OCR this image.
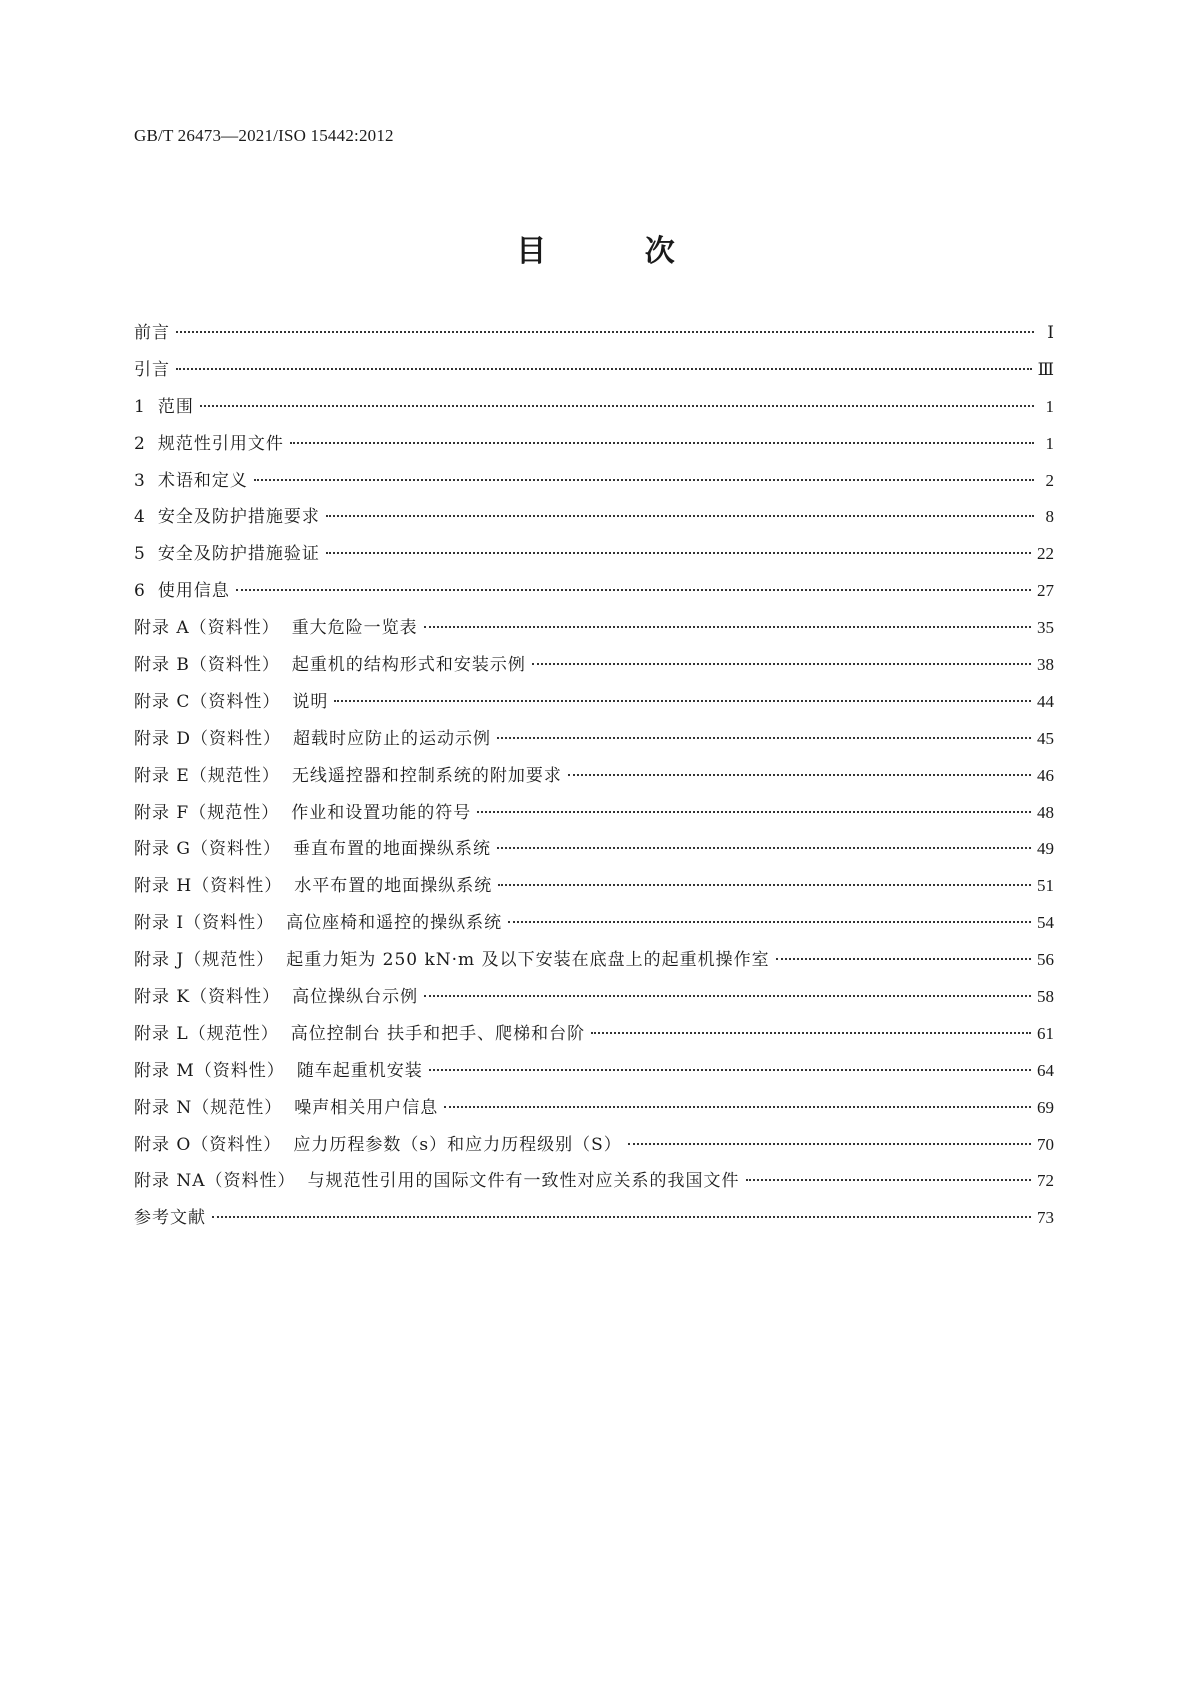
GB/T 26473—2021/ISO 15442:2012
目 次
前言	Ⅰ
引言	Ⅲ
1 范围	1
2 规范性引用文件	1
3 术语和定义	2
4 安全及防护措施要求	8
5 安全及防护措施验证	22
6 使用信息	27
附录 A（资料性） 重大危险一览表	35
附录 B（资料性） 起重机的结构形式和安装示例	38
附录 C（资料性） 说明	44
附录 D（资料性） 超载时应防止的运动示例	45
附录 E（规范性） 无线遥控器和控制系统的附加要求	46
附录 F（规范性） 作业和设置功能的符号	48
附录 G（资料性） 垂直布置的地面操纵系统	49
附录 H（资料性） 水平布置的地面操纵系统	51
附录 I（资料性） 高位座椅和遥控的操纵系统	54
附录 J（规范性） 起重力矩为 250 kN·m 及以下安装在底盘上的起重机操作室	56
附录 K（资料性） 高位操纵台示例	58
附录 L（规范性） 高位控制台 扶手和把手、爬梯和台阶	61
附录 M（资料性） 随车起重机安装	64
附录 N（规范性） 噪声相关用户信息	69
附录 O（资料性） 应力历程参数（s）和应力历程级别（S）	70
附录 NA（资料性） 与规范性引用的国际文件有一致性对应关系的我国文件	72
参考文献	73
